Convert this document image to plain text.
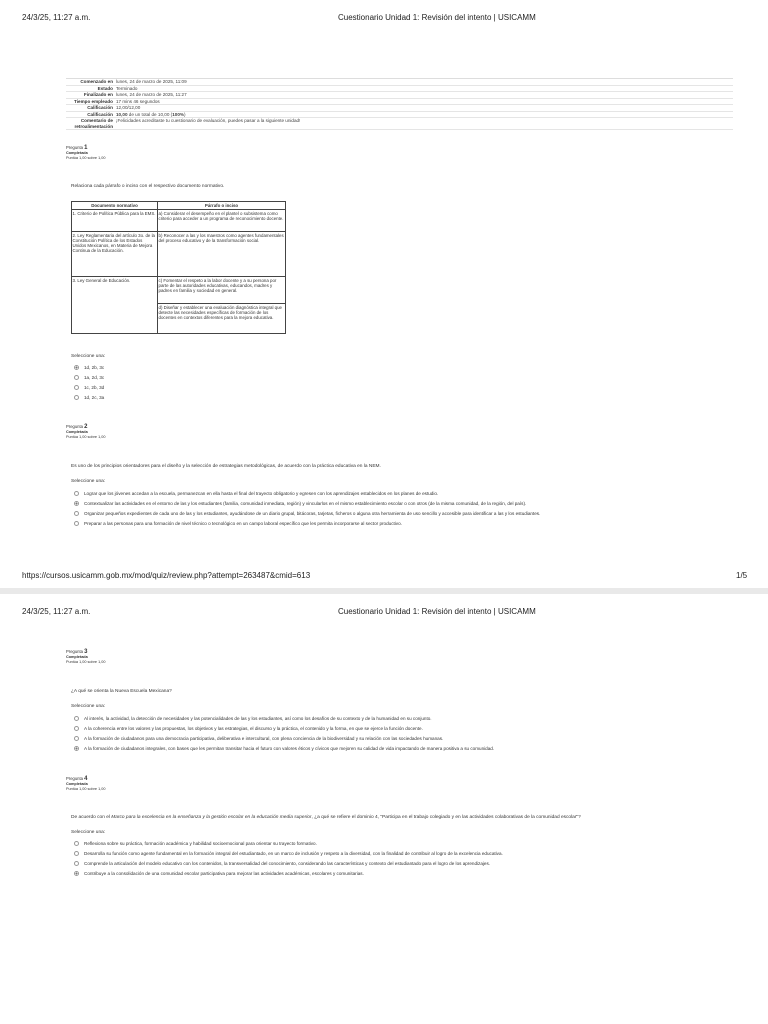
24/3/25, 11:27 a.m.	Cuestionario Unidad 1: Revisión del intento | USICAMM
Comenzado en lunes, 24 de marzo de 2025, 11:09
Estado Terminado
Finalizado en lunes, 24 de marzo de 2025, 11:27
Tiempo empleado 17 mins 46 segundos
Calificación 12,00/12,00
Calificación 10,00 de un total de 10,00 (100%)
Comentario de retroalimentación
¡Felicidades acreditaste tu cuestionario de evaluación, puedes pasar a la siguiente unidad!
Pregunta 1
Completada
Puntúa 1,00 sobre 1,00
Relaciona cada párrafo o inciso con el respectivo documento normativo.
Documento normativo	Párrafo o inciso
1. Criterio de Política Pública para la EMS.	a) Considerar el desempeño en el plantel o subsistema como criterio para acceder a un programa de reconocimiento docente.
2. Ley Reglamentaria del artículo 3o. de la Constitución Política de los Estados Unidos Mexicanos, en Materia de Mejora Continua de la Educación.	b) Reconocer a las y los maestros como agentes fundamentales del proceso educativo y de la transformación social.
3. Ley General de Educación.	c) Fomentar el respeto a la labor docente y a su persona por parte de las autoridades educativas, educandos, madres y padres en familia y sociedad en general.
	d) Diseñar y establecer una evaluación diagnóstica integral que detecte las necesidades específicas de formación de los docentes en contextos diferentes para la mejora educativa.
Seleccione una:
1d, 2b, 3c
1a, 2d, 3c
1c, 2b, 3d
1d, 2c, 3a
Pregunta 2
Completada
Puntúa 1,00 sobre 1,00
Es uno de los principios orientadores para el diseño y la selección de estrategias metodológicas, de acuerdo con la práctica educativa en la NEM.
Seleccione una:
Lograr que los jóvenes accedan a la escuela, permanezcan en ella hasta el final del trayecto obligatorio y egresen con los aprendizajes establecidos en los planes de estudio.
Contextualizar las actividades en el entorno de las y los estudiantes (familia, comunidad inmediata, región) y vincularlos en el mismo establecimiento escolar o con otros (de la misma comunidad, de la región, del país).
Organizar pequeños expedientes de cada uno de las y los estudiantes, ayudándose de un diario grupal, bitácoras, tarjetas, ficheros o alguna otra herramienta de uso sencillo y accesible para identificar a las y los estudiantes.
Preparar a las personas para una formación de nivel técnico o tecnológico en un campo laboral específico que les permita incorporarse al sector productivo.
https://cursos.usicamm.gob.mx/mod/quiz/review.php?attempt=263487&cmid=613	1/5
24/3/25, 11:27 a.m.	Cuestionario Unidad 1: Revisión del intento | USICAMM
Pregunta 3
Completada
Puntúa 1,00 sobre 1,00
¿A qué se orienta la Nueva Escuela Mexicana?
Seleccione una:
Al interés, la actividad, la detección de necesidades y las potencialidades de las y los estudiantes, así como los desafíos de su contexto y de la humanidad en su conjunto.
A la coherencia entre los valores y las propuestas, los objetivos y las estrategias, el discurso y la práctica, el contenido y la forma, en que se ejerce la función docente.
A la formación de ciudadanos para una democracia participativa, deliberativa e intercultural, con plena conciencia de la biodiversidad y su relación con las sociedades humanas.
A la formación de ciudadanos integrales, con bases que les permitan transitar hacia el futuro con valores éticos y cívicos que mejoren su calidad de vida impactando de manera positiva a su comunidad.
Pregunta 4
Completada
Puntúa 1,00 sobre 1,00
De acuerdo con el Marco para la excelencia en la enseñanza y la gestión escolar en la educación media superior, ¿a qué se refiere el dominio 4, "Participa en el trabajo colegiado y en las actividades colaborativas de la comunidad escolar"?
Seleccione una:
Reflexiona sobre su práctica, formación académica y habilidad socioemocional para orientar su trayecto formativo.
Desarrolla su función como agente fundamental en la formación integral del estudiantado, en un marco de inclusión y respeto a la diversidad, con la finalidad de contribuir al logro de la excelencia educativa.
Comprende la articulación del modelo educativo con los contenidos, la transversalidad del conocimiento, considerando las características y contexto del estudiantado para el logro de los aprendizajes.
Contribuye a la consolidación de una comunidad escolar participativa para mejorar las actividades académicas, escolares y comunitarias.
